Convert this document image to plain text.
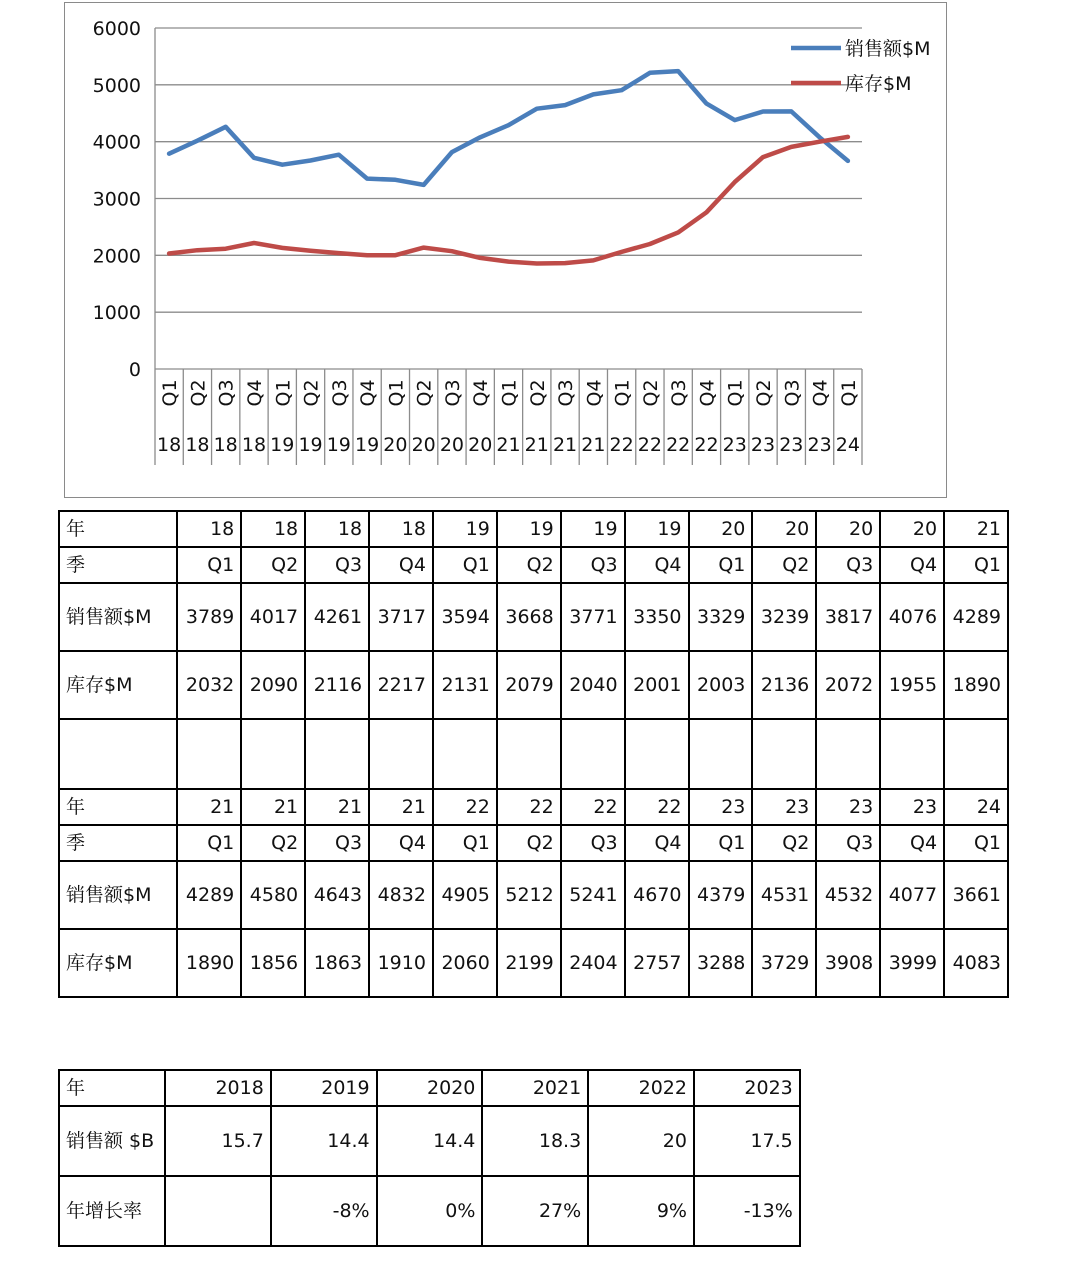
0
1000
2000
3000
4000
5000
6000
Q1
18
Q2
18
Q3
18
Q4
18
Q1
19
Q2
19
Q3
19
Q4
19
Q1
20
Q2
20
Q3
20
Q4
20
Q1
21
Q2
21
Q3
21
Q4
21
Q1
22
Q2
22
Q3
22
Q4
22
Q1
23
Q2
23
Q3
23
Q4
23
Q1
24
销售额$M
库存$M
年	18	18	18	18	19	19	19	19	20	20	20	20	21
季	Q1	Q2	Q3	Q4	Q1	Q2	Q3	Q4	Q1	Q2	Q3	Q4	Q1
销售额$M	3789	4017	4261	3717	3594	3668	3771	3350	3329	3239	3817	4076	4289
库存$M	2032	2090	2116	2217	2131	2079	2040	2001	2003	2136	2072	1955	1890

年	21	21	21	21	22	22	22	22	23	23	23	23	24
季	Q1	Q2	Q3	Q4	Q1	Q2	Q3	Q4	Q1	Q2	Q3	Q4	Q1
销售额$M	4289	4580	4643	4832	4905	5212	5241	4670	4379	4531	4532	4077	3661
库存$M	1890	1856	1863	1910	2060	2199	2404	2757	3288	3729	3908	3999	4083
年	2018	2019	2020	2021	2022	2023
销售额 $B	15.7	14.4	14.4	18.3	20	17.5
年增长率		-8%	0%	27%	9%	-13%
